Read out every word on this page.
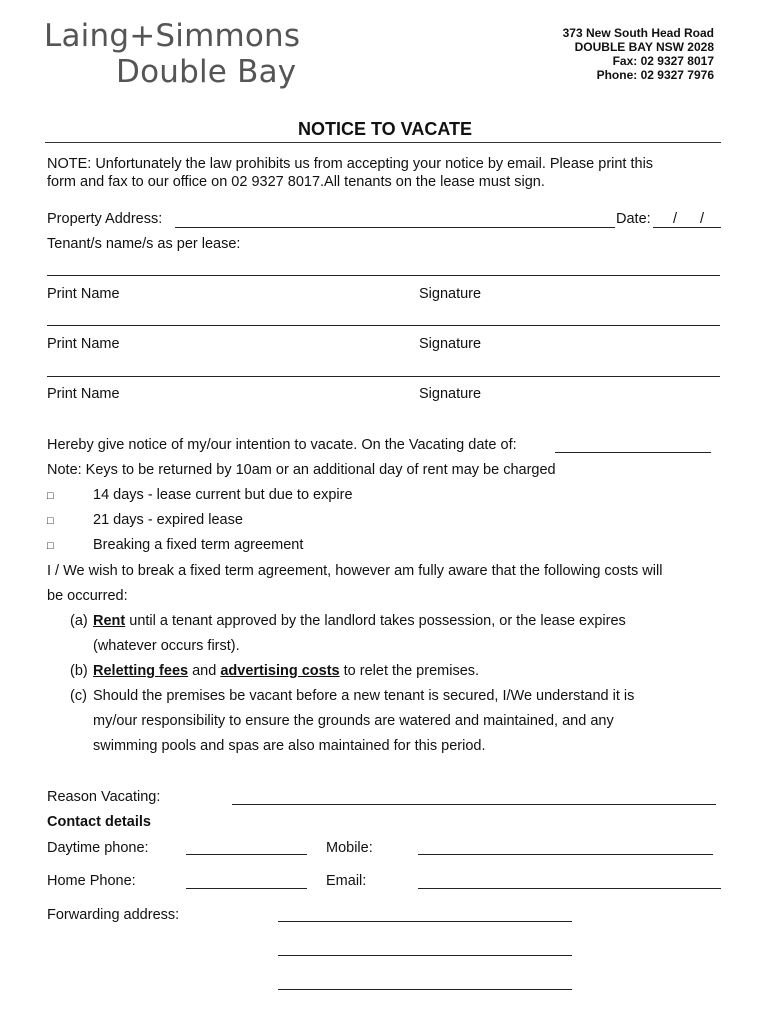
Laing+Simmons
Double Bay
373 New South Head Road
DOUBLE BAY NSW 2028
Fax: 02 9327 8017
Phone: 02 9327 7976
NOTICE TO VACATE
NOTE: Unfortunately the law prohibits us from accepting your notice by email. Please print this
form and fax to our office on 02 9327 8017.All tenants on the lease must sign.
Property Address:	Date: / /
Tenant/s name/s as per lease:
Print Name	Signature
Print Name	Signature
Print Name	Signature
Hereby give notice of my/our intention to vacate. On the Vacating date of:
Note: Keys to be returned by 10am or an additional day of rent may be charged
□	14 days - lease current but due to expire
□	21 days - expired lease
□	Breaking a fixed term agreement
I / We wish to break a fixed term agreement, however am fully aware that the following costs will
be occurred:
(a) Rent until a tenant approved by the landlord takes possession, or the lease expires
(whatever occurs first).
(b) Reletting fees and advertising costs to relet the premises.
(c) Should the premises be vacant before a new tenant is secured, I/We understand it is
my/our responsibility to ensure the grounds are watered and maintained, and any
swimming pools and spas are also maintained for this period.
Reason Vacating:
Contact details
Daytime phone:	Mobile:
Home Phone:	Email:
Forwarding address:
